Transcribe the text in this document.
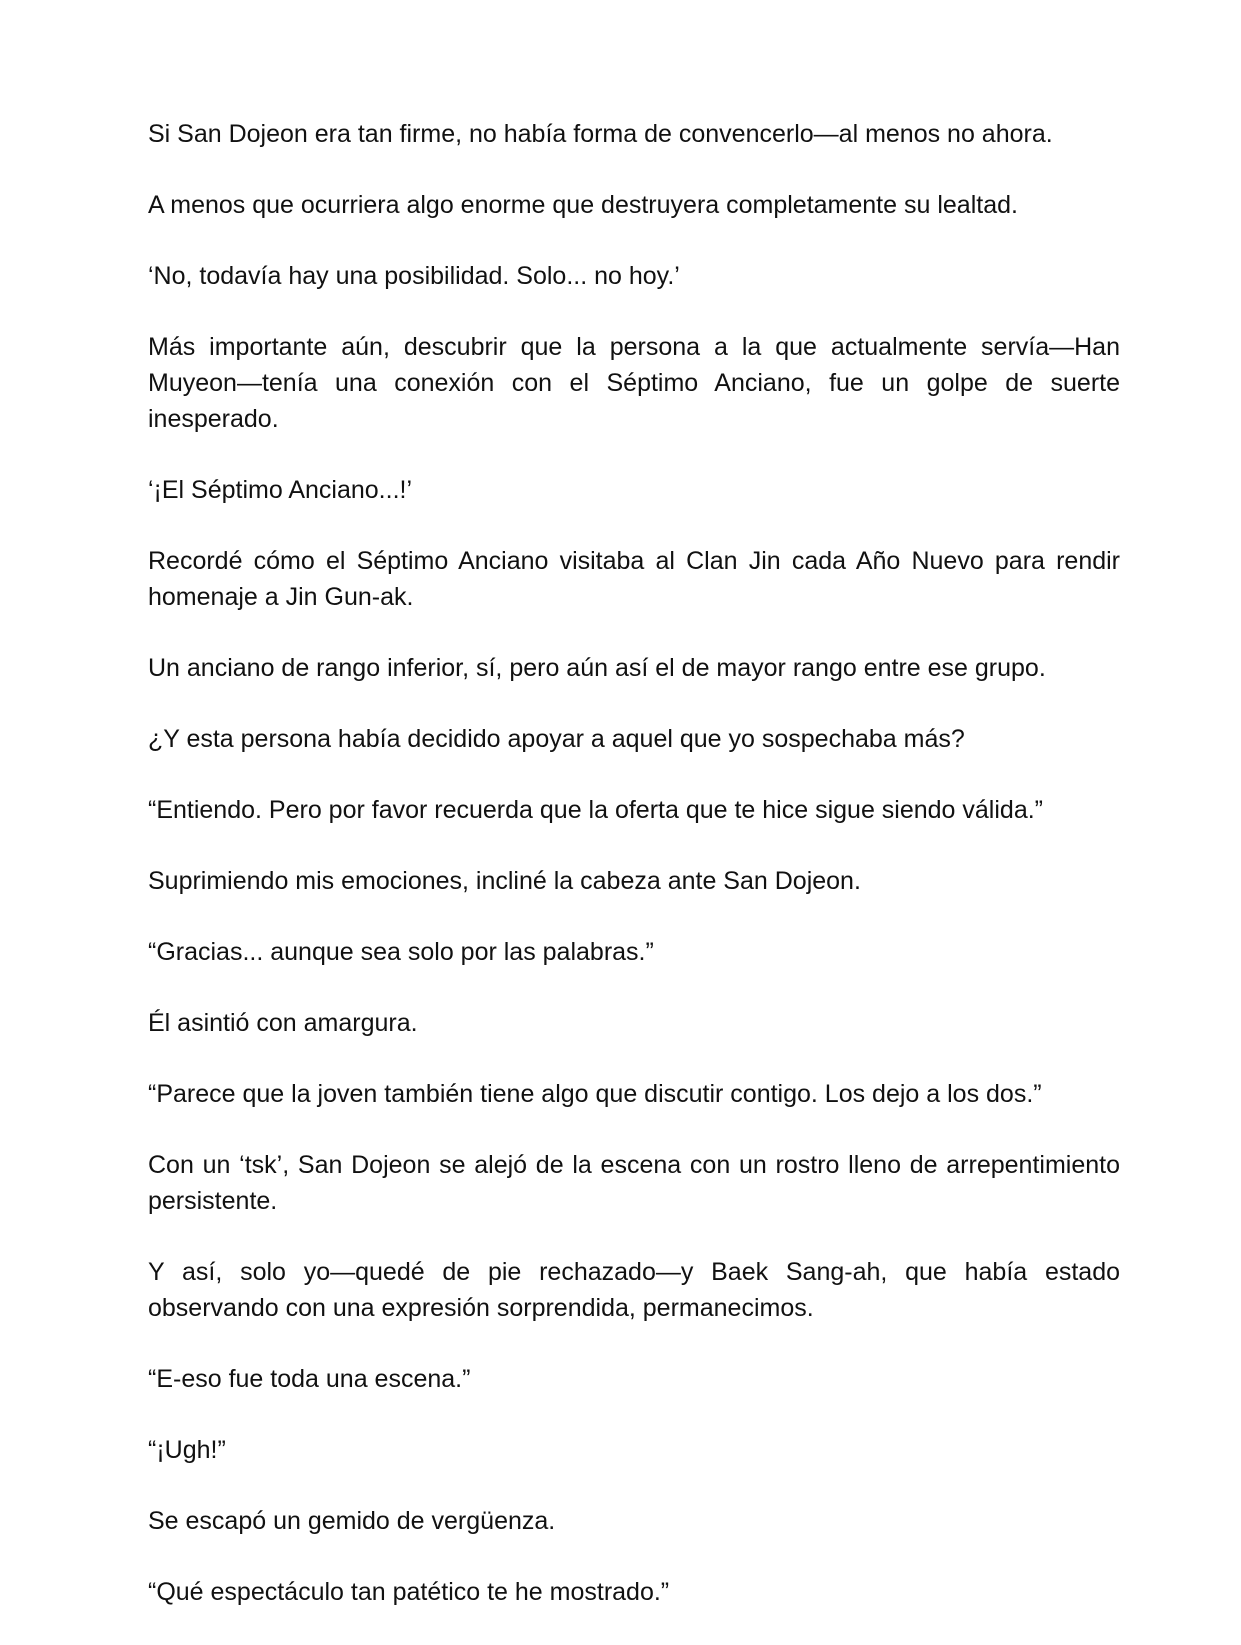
Si San Dojeon era tan firme, no había forma de convencerlo—al menos no ahora.

A menos que ocurriera algo enorme que destruyera completamente su lealtad.

‘No, todavía hay una posibilidad. Solo... no hoy.’

Más importante aún, descubrir que la persona a la que actualmente servía—Han Muyeon—tenía una conexión con el Séptimo Anciano, fue un golpe de suerte inesperado.

‘¡El Séptimo Anciano...!’

Recordé cómo el Séptimo Anciano visitaba al Clan Jin cada Año Nuevo para rendir homenaje a Jin Gun-ak.

Un anciano de rango inferior, sí, pero aún así el de mayor rango entre ese grupo.

¿Y esta persona había decidido apoyar a aquel que yo sospechaba más?

“Entiendo. Pero por favor recuerda que la oferta que te hice sigue siendo válida.”

Suprimiendo mis emociones, incliné la cabeza ante San Dojeon.

“Gracias... aunque sea solo por las palabras.”

Él asintió con amargura.

“Parece que la joven también tiene algo que discutir contigo. Los dejo a los dos.”

Con un ‘tsk’, San Dojeon se alejó de la escena con un rostro lleno de arrepentimiento persistente.

Y así, solo yo—quedé de pie rechazado—y Baek Sang-ah, que había estado observando con una expresión sorprendida, permanecimos.

“E-eso fue toda una escena.”

“¡Ugh!”

Se escapó un gemido de vergüenza.

“Qué espectáculo tan patético te he mostrado.”
